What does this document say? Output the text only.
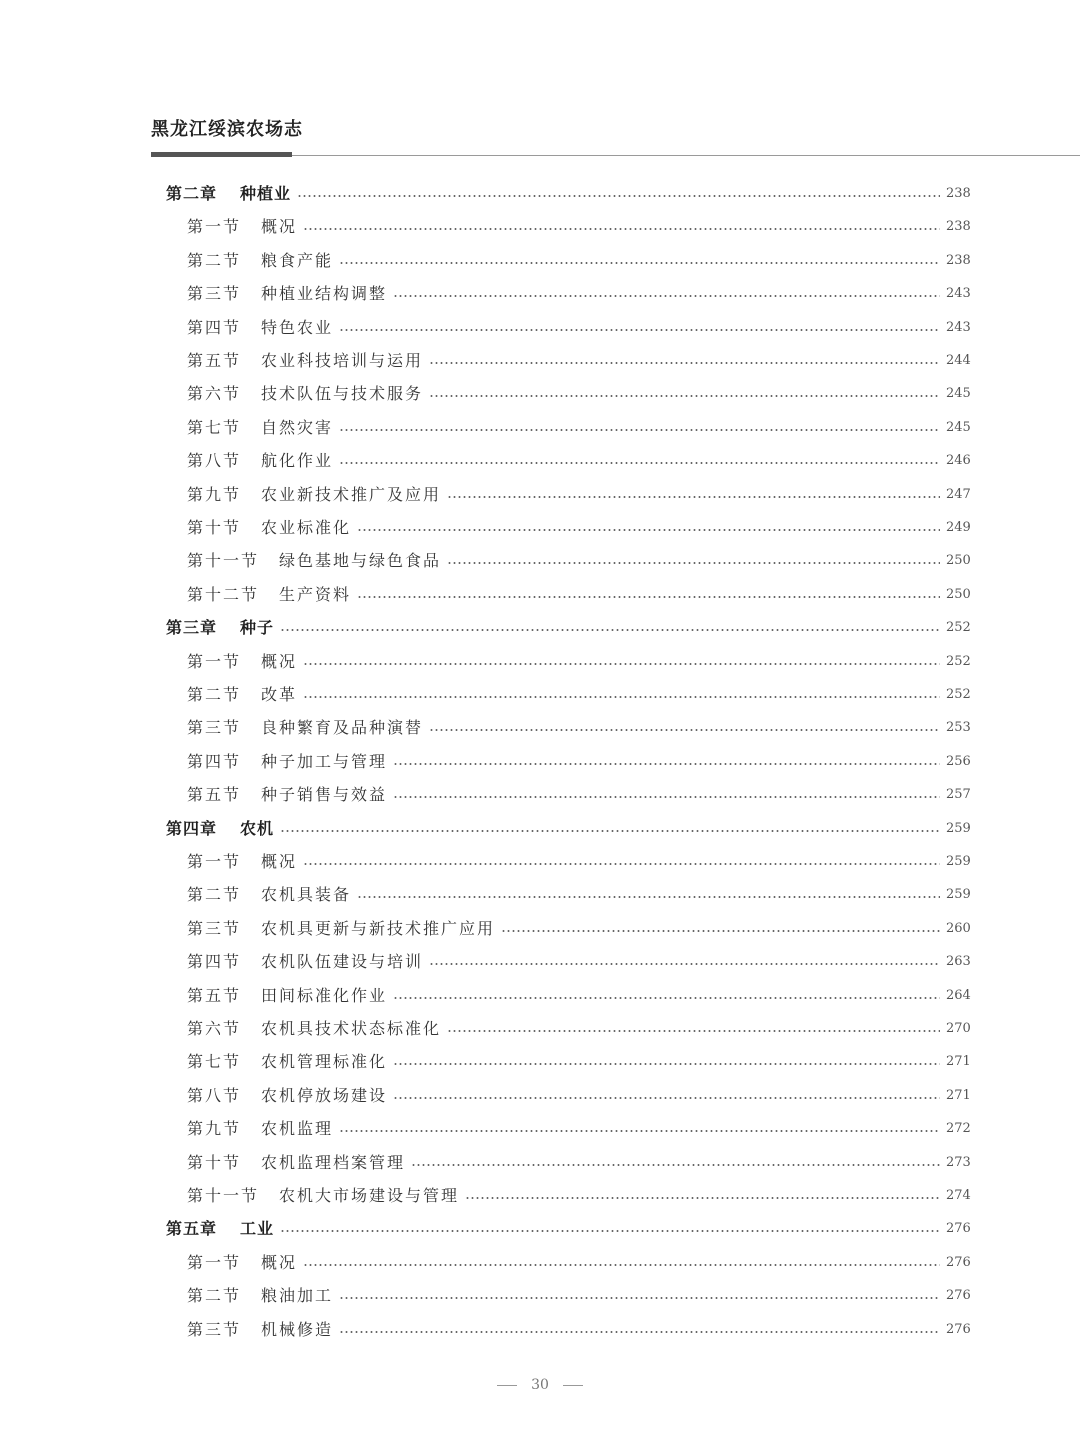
黑龙江绥滨农场志
第二章	种植业	238
第一节	概况	238
第二节	粮食产能	238
第三节	种植业结构调整	243
第四节	特色农业	243
第五节	农业科技培训与运用	244
第六节	技术队伍与技术服务	245
第七节	自然灾害	245
第八节	航化作业	246
第九节	农业新技术推广及应用	247
第十节	农业标准化	249
第十一节	绿色基地与绿色食品	250
第十二节	生产资料	250
第三章	种子	252
第一节	概况	252
第二节	改革	252
第三节	良种繁育及品种演替	253
第四节	种子加工与管理	256
第五节	种子销售与效益	257
第四章	农机	259
第一节	概况	259
第二节	农机具装备	259
第三节	农机具更新与新技术推广应用	260
第四节	农机队伍建设与培训	263
第五节	田间标准化作业	264
第六节	农机具技术状态标准化	270
第七节	农机管理标准化	271
第八节	农机停放场建设	271
第九节	农机监理	272
第十节	农机监理档案管理	273
第十一节	农机大市场建设与管理	274
第五章	工业	276
第一节	概况	276
第二节	粮油加工	276
第三节	机械修造	276
30
